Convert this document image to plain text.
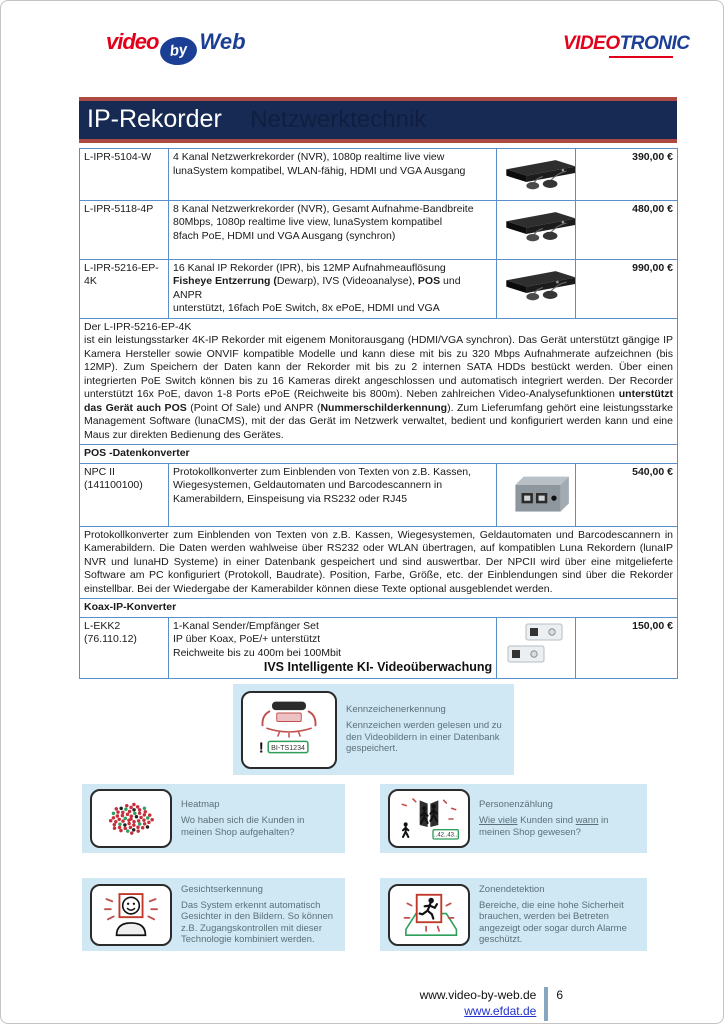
video by Web	VIDEOTRONIC
IP-Rekorder Netzwerktechnik
L-IPR-5104-W	4 Kanal Netzwerkrekorder (NVR), 1080p realtime live view
lunaSystem kompatibel, WLAN-fähig, HDMI und VGA Ausgang		390,00 €
L-IPR-5118-4P	8 Kanal Netzwerkrekorder (NVR), Gesamt Aufnahme-Bandbreite
80Mbps, 1080p realtime live view, lunaSystem kompatibel
8fach PoE, HDMI und VGA Ausgang (synchron)		480,00 €
L-IPR-5216-EP-4K	16 Kanal IP Rekorder (IPR), bis 12MP Aufnahmeauflösung
Fisheye Entzerrung (Dewarp), IVS (Videoanalyse), POS und ANPR
unterstützt, 16fach PoE Switch, 8x ePoE, HDMI und VGA		990,00 €

Der L-IPR-5216-EP-4K
ist ein leistungsstarker 4K-IP Rekorder mit eigenem Monitorausgang (HDMI/VGA synchron). Das Gerät unterstützt gängige IP Kamera Hersteller sowie ONVIF kompatible Modelle und kann diese mit bis zu 320 Mbps Aufnahmerate aufzeichnen (bis 12MP). Zum Speichern der Daten kann der Rekorder mit bis zu 2 internen SATA HDDs bestückt werden. Über einen integrierten PoE Switch können bis zu 16 Kameras direkt angeschlossen und automatisch integriert werden. Der Recorder unterstützt 16x PoE, davon 1-8 Ports ePoE (Reichweite bis 800m). Neben zahlreichen Video-Analysefunktionen unterstützt das Gerät auch POS (Point Of Sale) und ANPR (Nummerschilderkennung). Zum Lieferumfang gehört eine leistungsstarke Management Software (lunaCMS), mit der das Gerät im Netzwerk verwaltet, bedient und konfiguriert werden kann und eine Maus zur direkten Bedienung des Gerätes.			
POS -Datenkonverter			

NPC II
(141100100)

Protokollkonverter zum Einblenden von Texten von z.B. Kassen,
Wiegesystemen, Geldautomaten und Barcodescannern in
Kamerabildern, Einspeisung via RS232 oder RJ45
		540,00 €
Protokollkonverter zum Einblenden von Texten von z.B. Kassen, Wiegesystemen, Geldautomaten und Barcodescannern in Kamerabildern. Die Daten werden wahlweise über RS232 oder WLAN übertragen, auf kompatiblen Luna Rekordern (lunaIP NVR und lunaHD Systeme) in einer Datenbank gespeichert und sind auswertbar. Der NPCII wird über eine mitgelieferte Software am PC konfiguriert (Protokoll, Baudrate). Position, Farbe, Größe, etc. der Einblendungen sind über die Rekorder einstellbar. Bei der Wiedergabe der Kamerabilder können diese Texte optional ausgeblendet werden.			
Koax-IP-Konverter			

L-EKK2
(76.110.12)

1-Kanal Sender/Empfänger Set
IP über Koax, PoE/+ unterstützt
Reichweite bis zu 400m bei 100Mbit
		150,00 €
IVS Intelligente KI- Videoüberwachung
! BI-TS1234
Kennzeichenerkennung
Kennzeichen werden gelesen und zu den Videobildern in einer Datenbank gespeichert.
Heatmap
Wo haben sich die Kunden in meinen Shop aufgehalten?	..42..43..
Personenzählung
Wie viele Kunden sind wann in meinen Shop gewesen?
Gesichtserkennung
Das System erkennt automatisch Gesichter in den Bildern. So können z.B. Zugangskontrollen mit dieser Technologie kombiniert werden.
Zonendetektion
Bereiche, die eine hohe Sicherheit brauchen, werden bei Betreten angezeigt oder sogar durch Alarme geschützt.
www.video-by-web.de
www.efdat.de
6
